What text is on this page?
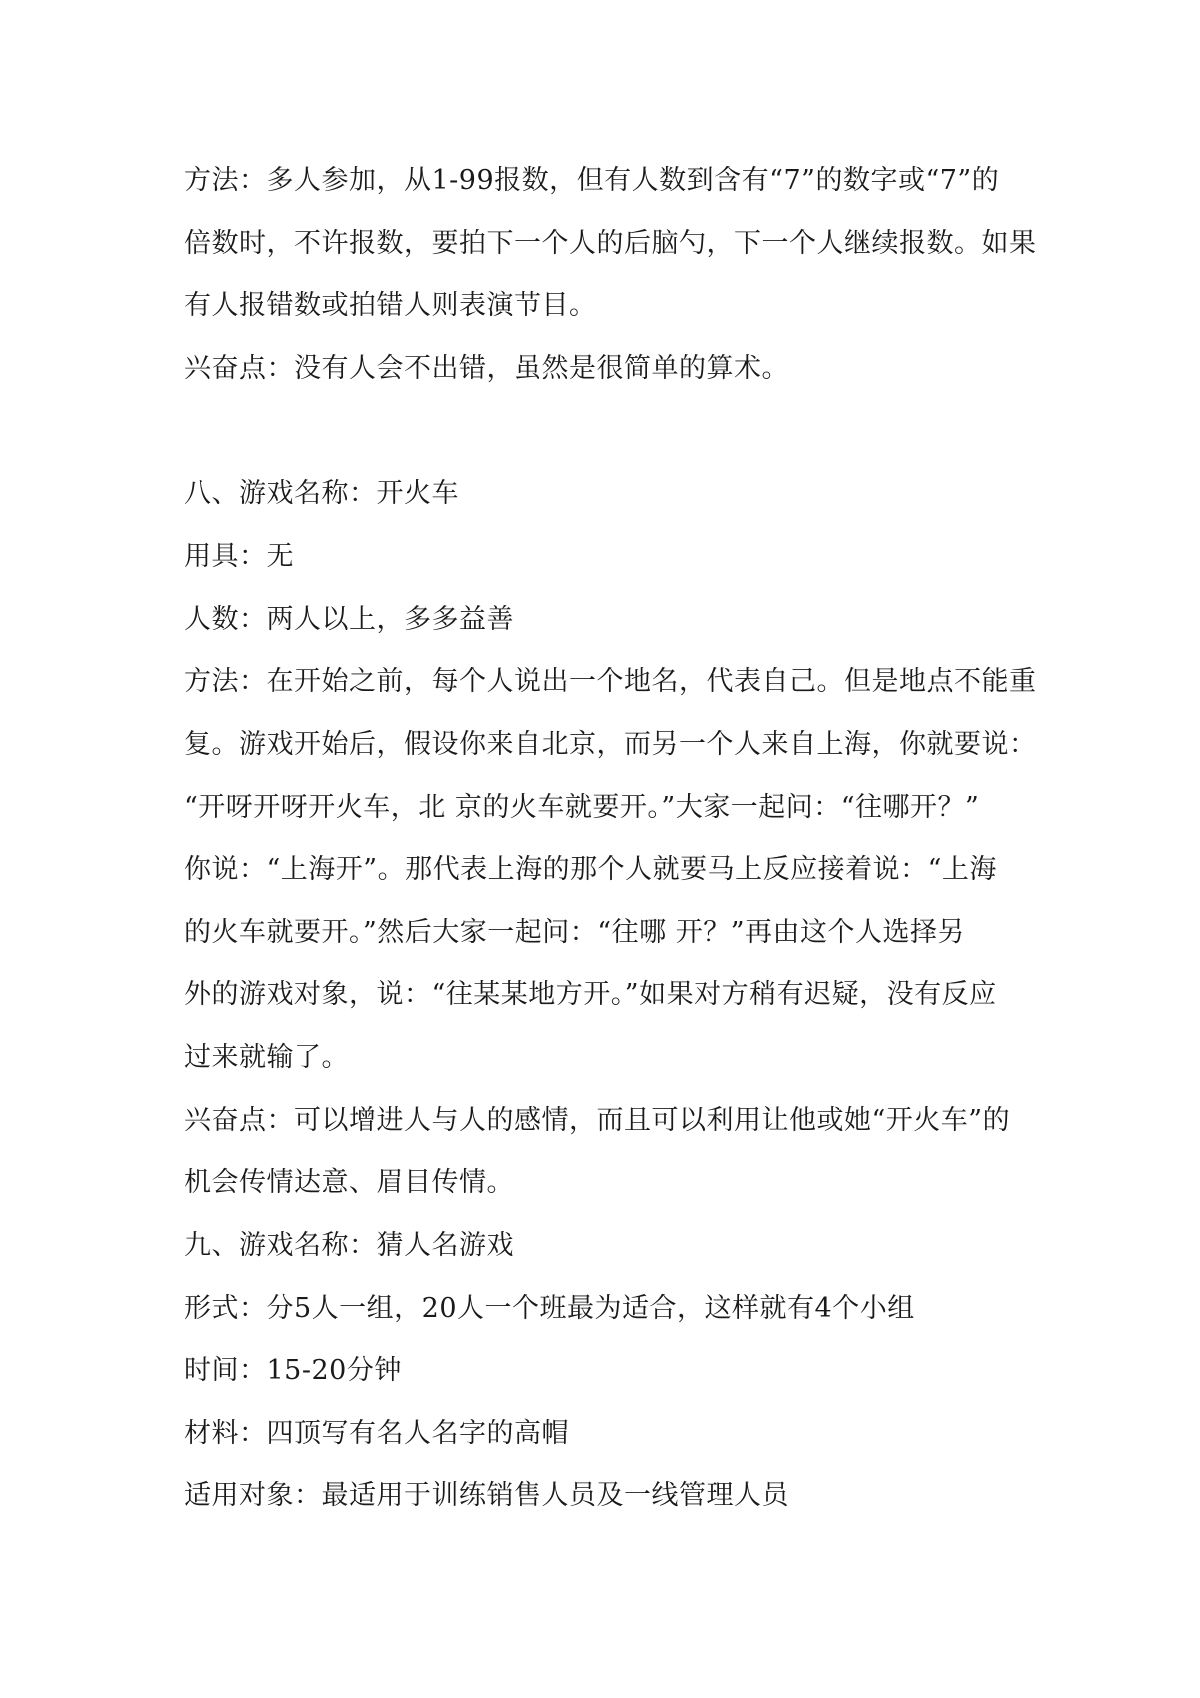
方法：多人参加，从1-99报数，但有人数到含有“7”的数字或“7”的
倍数时，不许报数，要拍下一个人的后脑勺，下一个人继续报数。如果
有人报错数或拍错人则表演节目。
兴奋点：没有人会不出错，虽然是很简单的算术。
八、游戏名称：开火车
用具：无
人数：两人以上，多多益善
方法：在开始之前，每个人说出一个地名，代表自己。但是地点不能重
复。游戏开始后，假设你来自北京，而另一个人来自上海，你就要说：
“开呀开呀开火车，北 京的火车就要开。”大家一起问：“往哪开？”
你说：“上海开”。那代表上海的那个人就要马上反应接着说：“上海
的火车就要开。”然后大家一起问：“往哪 开？”再由这个人选择另
外的游戏对象，说：“往某某地方开。”如果对方稍有迟疑，没有反应
过来就输了。
兴奋点：可以增进人与人的感情，而且可以利用让他或她“开火车”的
机会传情达意、眉目传情。
九、游戏名称：猜人名游戏
形式：分5人一组，20人一个班最为适合，这样就有4个小组
时间：15-20分钟
材料：四顶写有名人名字的高帽
适用对象：最适用于训练销售人员及一线管理人员
